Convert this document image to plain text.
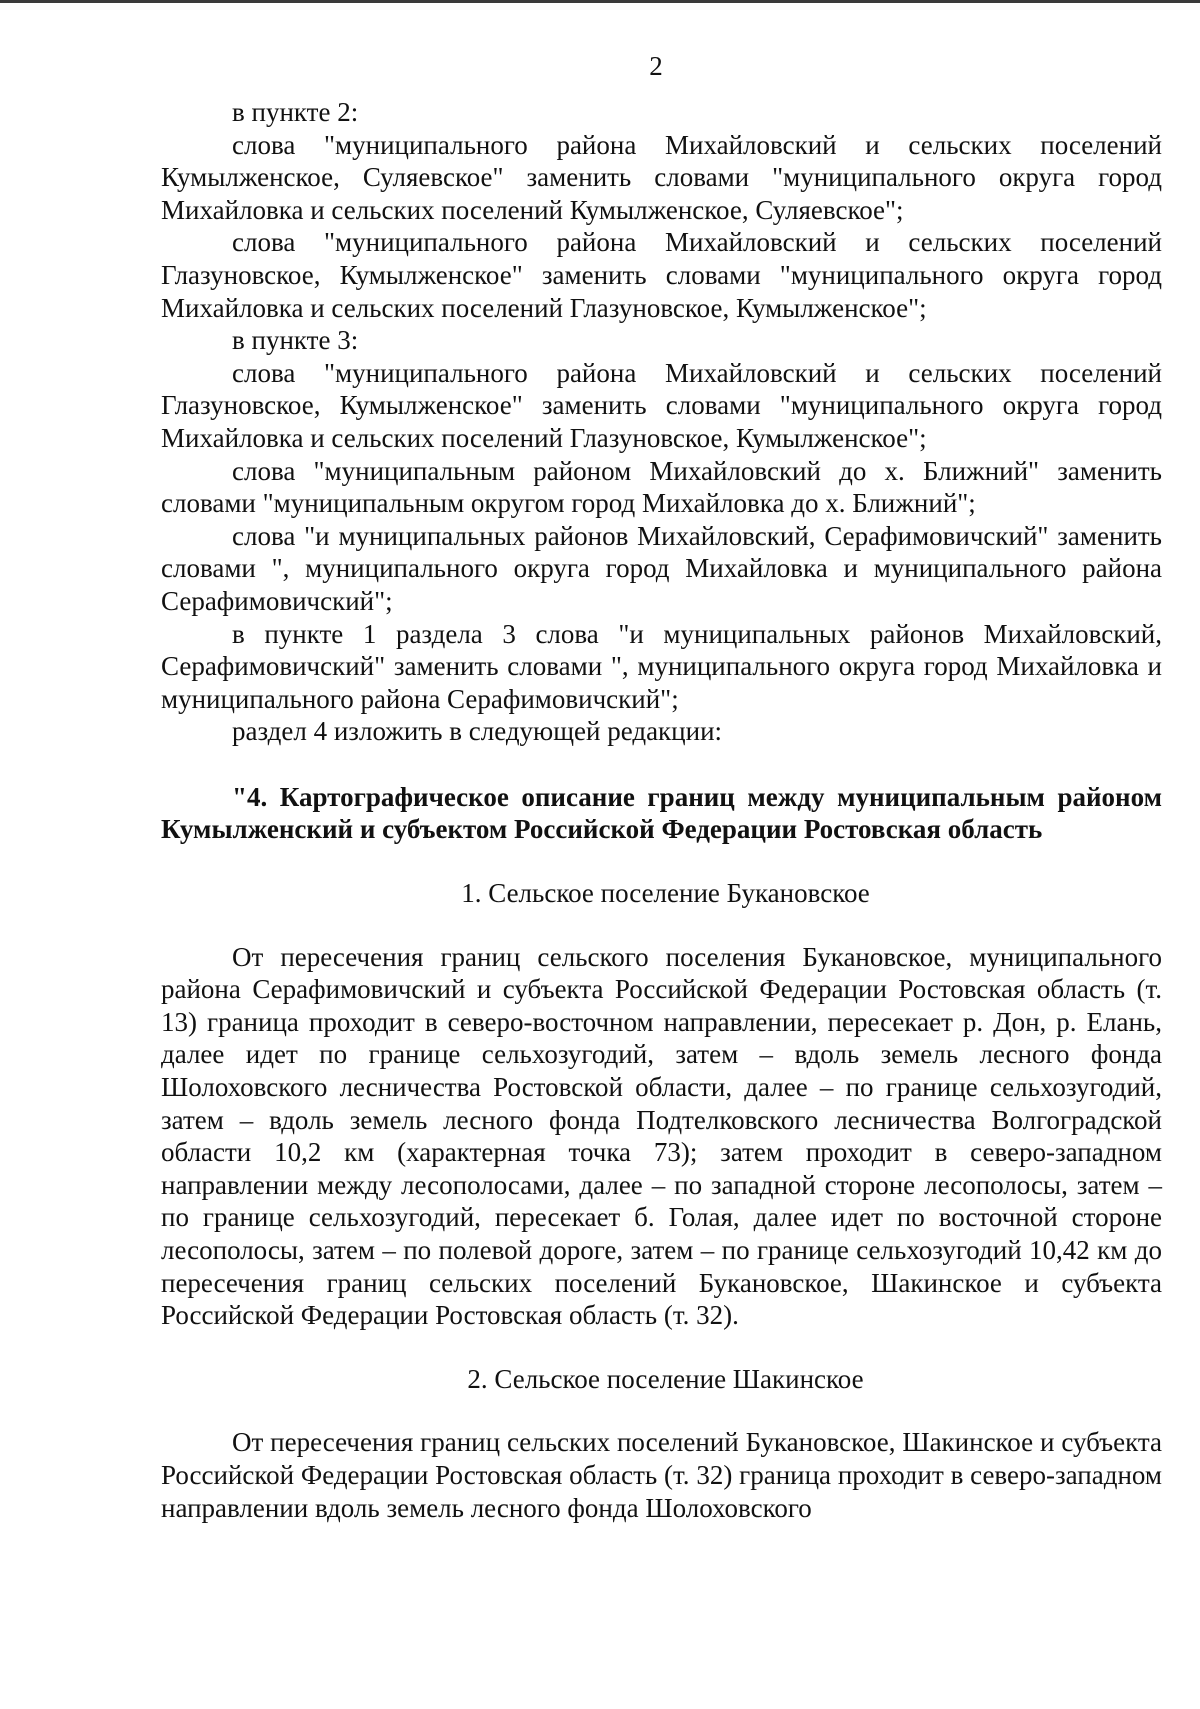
2

в пункте 2:

слова "муниципального района Михайловский и сельских поселений Кумылженское, Суляевское" заменить словами "муниципального округа город Михайловка и сельских поселений Кумылженское, Суляевское";

слова "муниципального района Михайловский и сельских поселений Глазуновское, Кумылженское" заменить словами "муниципального округа город Михайловка и сельских поселений Глазуновское, Кумылженское";

в пункте 3:

слова "муниципального района Михайловский и сельских поселений Глазуновское, Кумылженское" заменить словами "муниципального округа город Михайловка и сельских поселений Глазуновское, Кумылженское";

слова "муниципальным районом Михайловский до х. Ближний" заменить словами "муниципальным округом город Михайловка до х. Ближний";

слова "и муниципальных районов Михайловский, Серафимовичский" заменить словами ", муниципального округа город Михайловка и муниципального района Серафимовичский";

в пункте 1 раздела 3 слова "и муниципальных районов Михайловский, Серафимовичский" заменить словами ", муниципального округа город Михайловка и муниципального района Серафимовичский";

раздел 4 изложить в следующей редакции:

"4. Картографическое описание границ между муниципальным районом Кумылженский и субъектом Российской Федерации Ростовская область

1. Сельское поселение Букановское

От пересечения границ сельского поселения Букановское, муниципального района Серафимовичский и субъекта Российской Федерации Ростовская область (т. 13) граница проходит в северо-восточном направлении, пересекает р. Дон, р. Елань, далее идет по границе сельхозугодий, затем – вдоль земель лесного фонда Шолоховского лесничества Ростовской области, далее – по границе сельхозугодий, затем – вдоль земель лесного фонда Подтелковского лесничества Волгоградской области 10,2 км (характерная точка 73); затем проходит в северо-западном направлении между лесополосами, далее – по западной стороне лесополосы, затем – по границе сельхозугодий, пересекает б. Голая, далее идет по восточной стороне лесополосы, затем – по полевой дороге, затем – по границе сельхозугодий 10,42 км до пересечения границ сельских поселений Букановское, Шакинское и субъекта Российской Федерации Ростовская область (т. 32).

2. Сельское поселение Шакинское

От пересечения границ сельских поселений Букановское, Шакинское и субъекта Российской Федерации Ростовская область (т. 32) граница проходит в северо-западном направлении вдоль земель лесного фонда Шолоховского
